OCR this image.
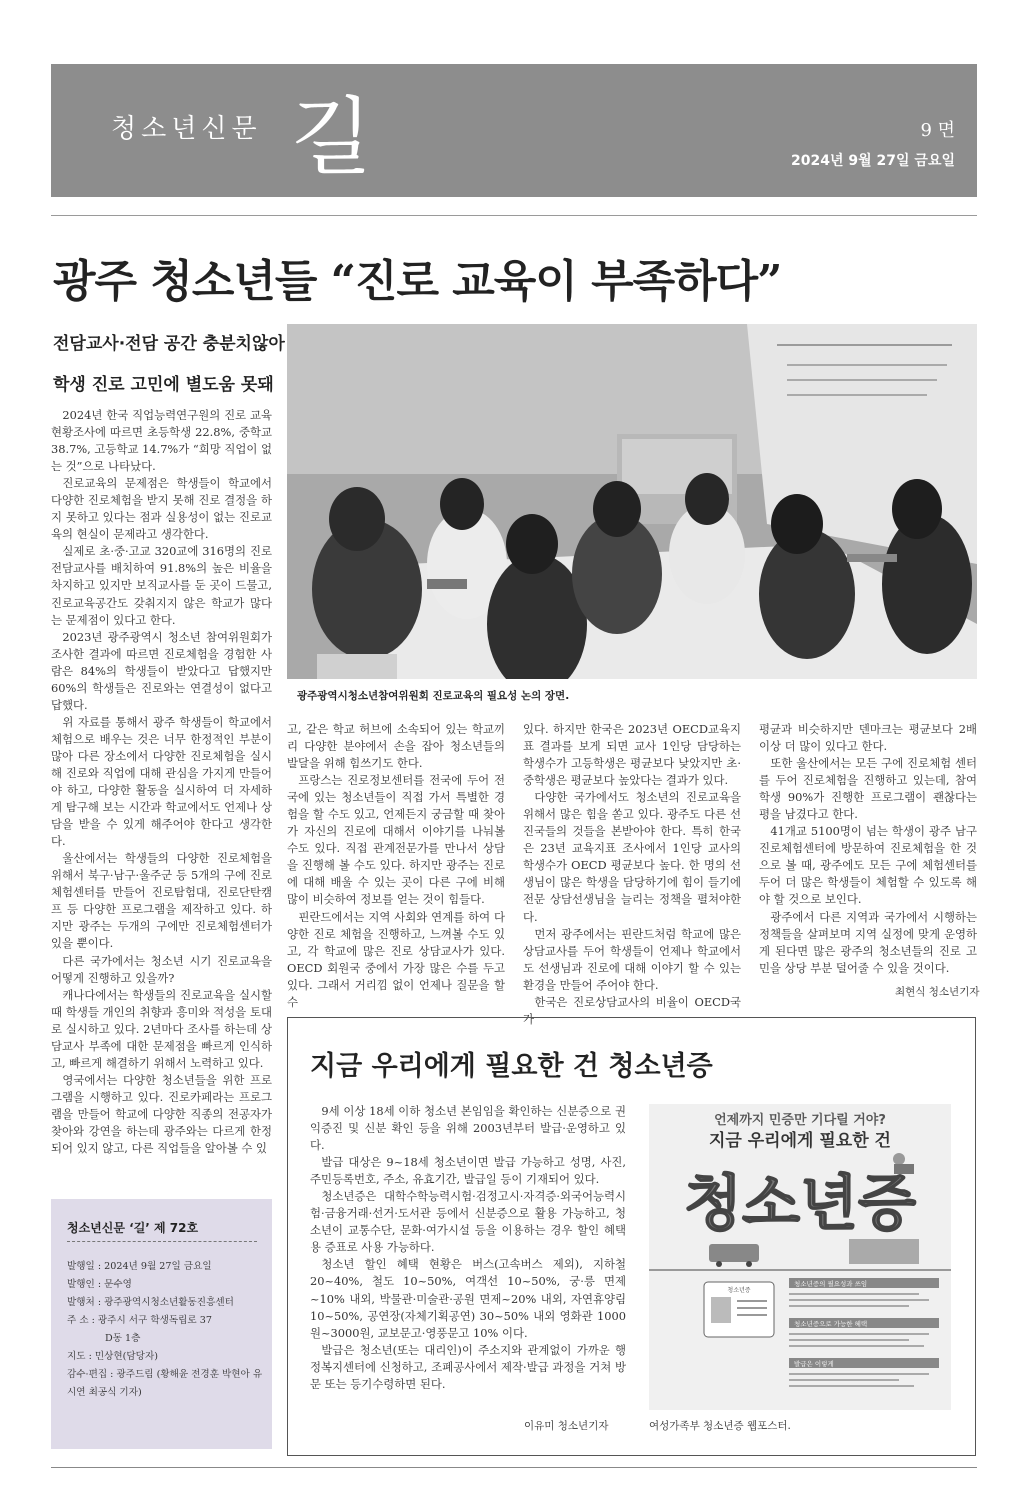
청소년신문 길	9 면
2024년 9월 27일 금요일
광주 청소년들 “진로 교육이 부족하다”
전담교사·전담 공간 충분치않아
학생 진로 고민에 별도움 못돼
광주광역시청소년참여위원회 진로교육의 필요성 논의 장면.

2024년 한국 직업능력연구원의 진로 교육 현황조사에 따르면 초등학생 22.8%, 중학교 38.7%, 고등학교 14.7%가 “희망 직업이 없는 것”으로 나타났다.

진로교육의 문제점은 학생들이 학교에서 다양한 진로체험을 받지 못해 진로 결정을 하지 못하고 있다는 점과 실용성이 없는 진로교육의 현실이 문제라고 생각한다.

실제로 초·중·고교 320교에 316명의 진로전담교사를 배치하여 91.8%의 높은 비율을 차지하고 있지만 보직교사를 둔 곳이 드물고, 진로교육공간도 갖춰지지 않은 학교가 많다는 문제점이 있다고 한다.

2023년 광주광역시 청소년 참여위원회가 조사한 결과에 따르면 진로체험을 경험한 사람은 84%의 학생들이 받았다고 답했지만 60%의 학생들은 진로와는 연결성이 없다고 답했다.

위 자료를 통해서 광주 학생들이 학교에서 체험으로 배우는 것은 너무 한정적인 부분이 많아 다른 장소에서 다양한 진로체험을 실시해 진로와 직업에 대해 관심을 가지게 만들어야 하고, 다양한 활동을 실시하여 더 자세하게 탐구해 보는 시간과 학교에서도 언제나 상담을 받을 수 있게 해주어야 한다고 생각한다.

울산에서는 학생들의 다양한 진로체험을 위해서 북구·남구·울주군 등 5개의 구에 진로체험센터를 만들어 진로탐험대, 진로단탄캠프 등 다양한 프로그램을 제작하고 있다. 하지만 광주는 두개의 구에만 진로체험센터가 있을 뿐이다.

다른 국가에서는 청소년 시기 진로교육을 어떻게 진행하고 있을까?

캐나다에서는 학생들의 진로교육을 실시할 때 학생들 개인의 취향과 흥미와 적성을 토대로 실시하고 있다. 2년마다 조사를 하는데 상담교사 부족에 대한 문제점을 빠르게 인식하고, 빠르게 해결하기 위해서 노력하고 있다.

영국에서는 다양한 청소년들을 위한 프로그램을 시행하고 있다. 진로카페라는 프로그램을 만들어 학교에 다양한 직종의 전공자가 찾아와 강연을 하는데 광주와는 다르게 한정되어 있지 않고, 다른 직업들을 알아볼 수 있

고, 같은 학교 허브에 소속되어 있는 학교끼리 다양한 분야에서 손을 잡아 청소년들의 발달을 위해 힘쓰기도 한다.

프랑스는 진로정보센터를 전국에 두어 전국에 있는 청소년들이 직접 가서 특별한 경험을 할 수도 있고, 언제든지 궁금할 때 찾아가 자신의 진로에 대해서 이야기를 나눠볼 수도 있다. 직접 관계전문가를 만나서 상담을 진행해 볼 수도 있다. 하지만 광주는 진로에 대해 배울 수 있는 곳이 다른 구에 비해 많이 비슷하여 정보를 얻는 것이 힘들다.

핀란드에서는 지역 사회와 연계를 하여 다양한 진로 체험을 진행하고, 느껴볼 수도 있고, 각 학교에 많은 진로 상담교사가 있다. OECD 회원국 중에서 가장 많은 수를 두고 있다. 그래서 거리낌 없이 언제나 질문을 할 수

있다. 하지만 한국은 2023년 OECD교육지표 결과를 보게 되면 교사 1인당 담당하는 학생수가 고등학생은 평균보다 낮았지만 초·중학생은 평균보다 높았다는 결과가 있다.

다양한 국가에서도 청소년의 진로교육을 위해서 많은 힘을 쏟고 있다. 광주도 다른 선진국들의 것들을 본받아야 한다. 특히 한국은 23년 교육지표 조사에서 1인당 교사의 학생수가 OECD 평균보다 높다. 한 명의 선생님이 많은 학생을 담당하기에 힘이 들기에 전문 상담선생님을 늘리는 정책을 펼쳐야한다.

먼저 광주에서는 핀란드처럼 학교에 많은 상담교사를 두어 학생들이 언제나 학교에서도 선생님과 진로에 대해 이야기 할 수 있는 환경을 만들어 주어야 한다.

한국은 진로상담교사의 비율이 OECD국가

평균과 비슷하지만 덴마크는 평균보다 2배 이상 더 많이 있다고 한다.

또한 울산에서는 모든 구에 진로체험 센터를 두어 진로체험을 진행하고 있는데, 참여 학생 90%가 진행한 프로그램이 괜찮다는 평을 남겼다고 한다.

41개교 5100명이 넘는 학생이 광주 남구 진로체험센터에 방문하여 진로체험을 한 것으로 볼 때, 광주에도 모든 구에 체험센터를 두어 더 많은 학생들이 체험할 수 있도록 해야 할 것으로 보인다.

광주에서 다른 지역과 국가에서 시행하는 정책들을 살펴보며 지역 실정에 맞게 운영하게 된다면 많은 광주의 청소년들의 진로 고민을 상당 부분 덜어줄 수 있을 것이다.

최현식 청소년기자
청소년신문 ‘길’ 제 72호
발행일 : 2024년 9월 27일 금요일
발행인 : 문수영
발행처 : 광주광역시청소년활동진흥센터
주 소 : 광주시 서구 학생독립로 37
D동 1층
지도 : 민상현(담당자)
감수·편집 : 광주드림 (황해윤 전경훈 박현아 유시연 최공식 기자)
지금 우리에게 필요한 건 청소년증

9세 이상 18세 이하 청소년 본임임을 확인하는 신분증으로 권익증진 및 신분 확인 등을 위해 2003년부터 발급·운영하고 있다.

발급 대상은 9~18세 청소년이면 발급 가능하고 성명, 사진, 주민등록번호, 주소, 유효기간, 발급일 등이 기재되어 있다.

청소년증은 대학수학능력시험·검정고시·자격증·외국어능력시험·금융거래·선거·도서관 등에서 신분증으로 활용 가능하고, 청소년이 교통수단, 문화·여가시설 등을 이용하는 경우 할인 혜택용 증표로 사용 가능하다.

청소년 할인 혜택 현황은 버스(고속버스 제외), 지하철 20~40%, 철도 10~50%, 여객선 10~50%, 궁·릉 면제~10% 내외, 박물관·미술관·공원 면제~20% 내외, 자연휴양림 10~50%, 공연장(자체기획공연) 30~50% 내외 영화관 1000원~3000원, 교보문고·영풍문고 10% 이다.

발급은 청소년(또는 대리인)이 주소지와 관계없이 가까운 행정복지센터에 신청하고, 조폐공사에서 제작·발급 과정을 거쳐 방문 또는 등기수령하면 된다.

언제까지 민증만 기다릴 거야?
지금 우리에게 필요한 건
청소년증
청소년증
청소년증의 필요성과 쓰임
청소년증으로 가능한 혜택
발급은 이렇게
이유미 청소년기자	여성가족부 청소년증 웹포스터.
